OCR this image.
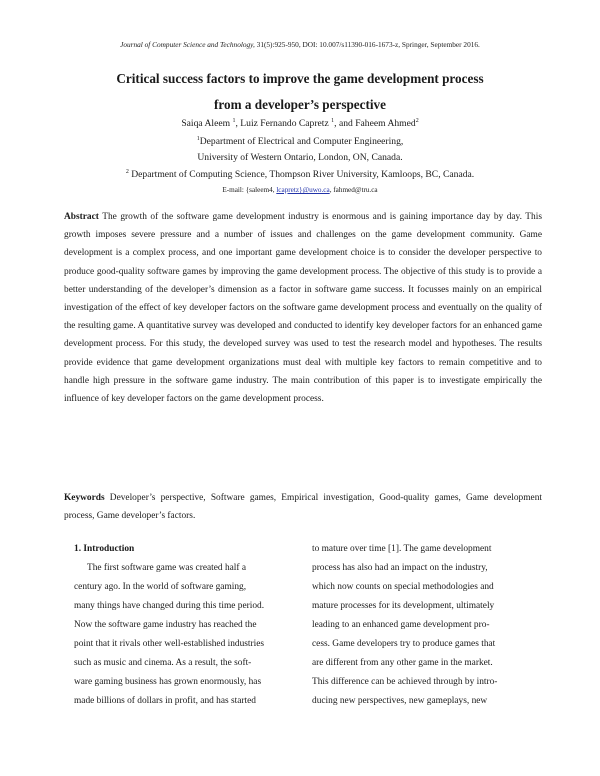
Journal of Computer Science and Technology, 31(5):925-950, DOI: 10.007/s11390-016-1673-z, Springer, September 2016.
Critical success factors to improve the game development process
from a developer’s perspective
Saiqa Aleem $^1$, Luiz Fernando Capretz $^1$, and Faheem Ahmed$^2$
$^1$Department of Electrical and Computer Engineering,
University of Western Ontario, London, ON, Canada.
$^2$ Department of Computing Science, Thompson River University, Kamloops, BC, Canada.
E-mail: {saleem4, lcapretz}@uwo.ca, fahmed@tru.ca
Abstract The growth of the software game development industry is enormous and is gaining importance day by day. This growth imposes severe pressure and a number of issues and challenges on the game development community. Game development is a complex process, and one important game development choice is to consider the developer perspective to produce good-quality software games by improving the game development process. The objective of this study is to provide a better understanding of the developer’s dimension as a factor in software game success. It focusses mainly on an empirical investigation of the effect of key developer factors on the software game development process and eventually on the quality of the resulting game. A quantitative survey was developed and conducted to identify key developer factors for an enhanced game development process. For this study, the developed survey was used to test the research model and hypotheses. The results provide evidence that game development organizations must deal with multiple key factors to remain competitive and to handle high pressure in the software game industry. The main contribution of this paper is to investigate empirically the influence of key developer factors on the game development process.
Keywords Developer’s perspective, Software games, Empirical investigation, Good-quality games, Game development process, Game developer’s factors.
1. Introduction
The first software game was created half a
century ago. In the world of software gaming,
many things have changed during this time period.
Now the software game industry has reached the
point that it rivals other well-established industries
such as music and cinema. As a result, the soft-
ware gaming business has grown enormously, has
made billions of dollars in profit, and has started
to mature over time [1]. The game development
process has also had an impact on the industry,
which now counts on special methodologies and
mature processes for its development, ultimately
leading to an enhanced game development pro-
cess. Game developers try to produce games that
are different from any other game in the market.
This difference can be achieved through by intro-
ducing new perspectives, new gameplays, new
